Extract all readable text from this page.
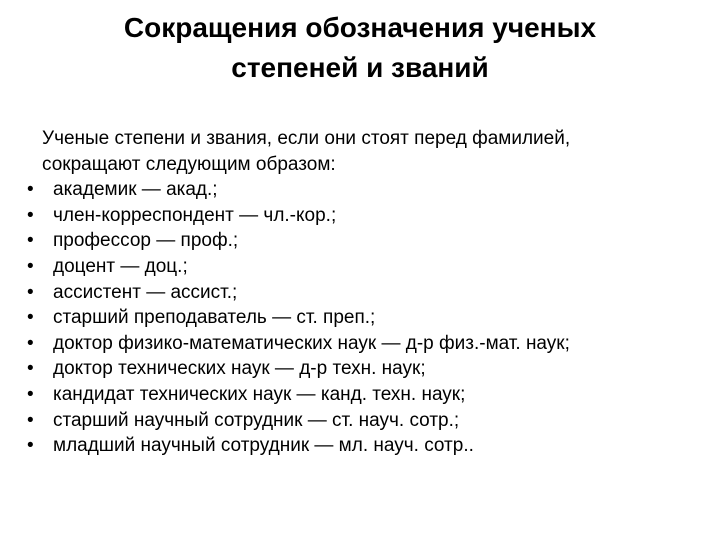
Сокращения обозначения ученых
степеней и званий

Ученые степени и звания, если они стоят перед фамилией,
сокращают следующим образом:

• академик — акад.;
• член-корреспондент — чл.-кор.;
• профессор — проф.;
• доцент — доц.;
• ассистент — ассист.;
• старший преподаватель — ст. преп.;
• доктор физико-математических наук — д-р физ.-мат. наук;
• доктор технических наук — д-р техн. наук;
• кандидат технических наук — канд. техн. наук;
• старший научный сотрудник — ст. науч. сотр.;
• младший научный сотрудник — мл. науч. сотр..
